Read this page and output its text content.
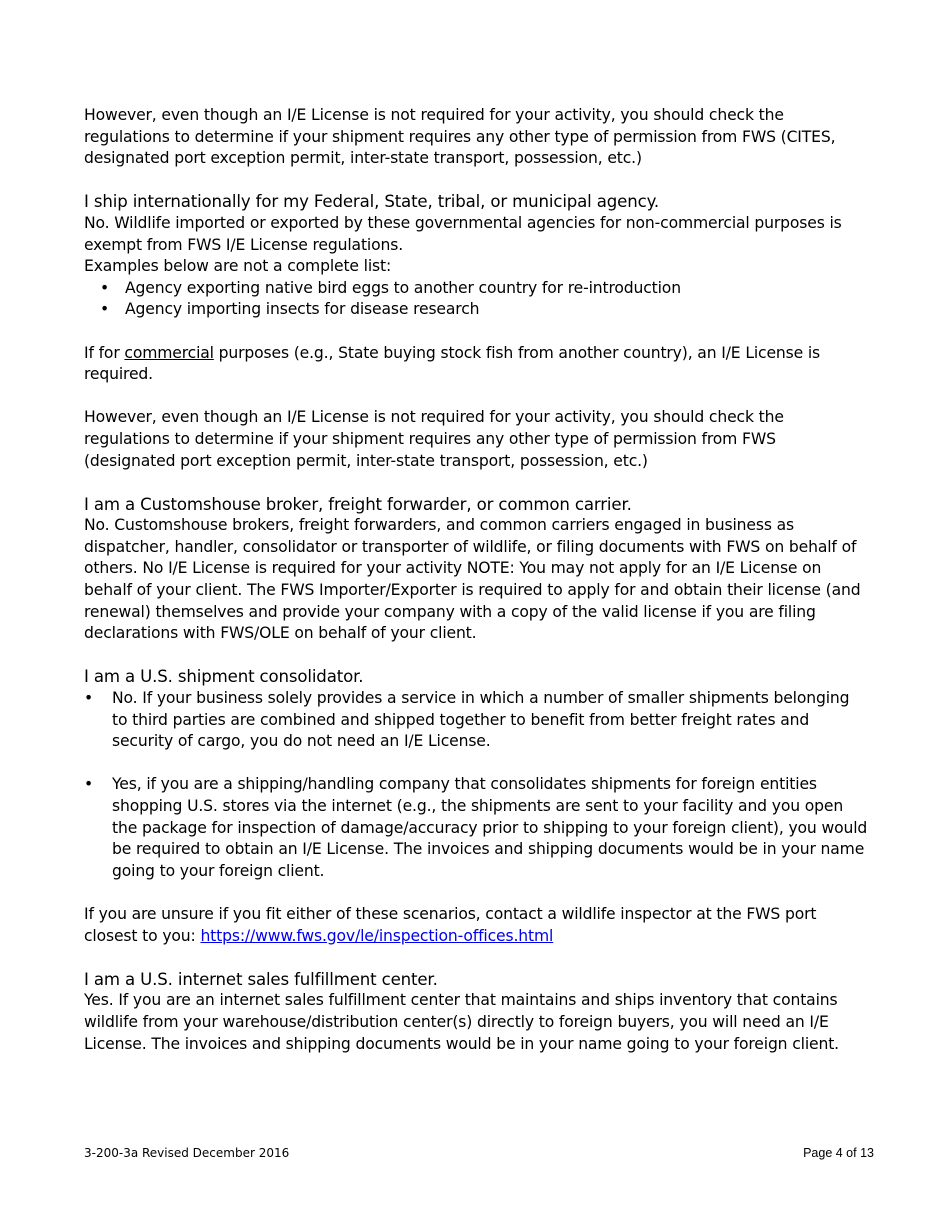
However, even though an I/E License is not required for your activity, you should check the regulations to determine if your shipment requires any other type of permission from FWS (CITES, designated port exception permit, inter-state transport, possession, etc.)

I ship internationally for my Federal, State, tribal, or municipal agency.

No. Wildlife imported or exported by these governmental agencies for non-commercial purposes is exempt from FWS I/E License regulations.

Examples below are not a complete list:

• Agency exporting native bird eggs to another country for re-introduction
• Agency importing insects for disease research

If for commercial purposes (e.g., State buying stock fish from another country), an I/E License is required.

However, even though an I/E License is not required for your activity, you should check the regulations to determine if your shipment requires any other type of permission from FWS (designated port exception permit, inter-state transport, possession, etc.)

I am a Customshouse broker, freight forwarder, or common carrier.

No. Customshouse brokers, freight forwarders, and common carriers engaged in business as dispatcher, handler, consolidator or transporter of wildlife, or filing documents with FWS on behalf of others. No I/E License is required for your activity NOTE: You may not apply for an I/E License on behalf of your client. The FWS Importer/Exporter is required to apply for and obtain their license (and renewal) themselves and provide your company with a copy of the valid license if you are filing declarations with FWS/OLE on behalf of your client.

I am a U.S. shipment consolidator.

• No. If your business solely provides a service in which a number of smaller shipments belonging to third parties are combined and shipped together to benefit from better freight rates and security of cargo, you do not need an I/E License.
• Yes, if you are a shipping/handling company that consolidates shipments for foreign entities shopping U.S. stores via the internet (e.g., the shipments are sent to your facility and you open the package for inspection of damage/accuracy prior to shipping to your foreign client), you would be required to obtain an I/E License. The invoices and shipping documents would be in your name going to your foreign client.

If you are unsure if you fit either of these scenarios, contact a wildlife inspector at the FWS port closest to you: https://www.fws.gov/le/inspection-offices.html

I am a U.S. internet sales fulfillment center.

Yes. If you are an internet sales fulfillment center that maintains and ships inventory that contains wildlife from your warehouse/distribution center(s) directly to foreign buyers, you will need an I/E License. The invoices and shipping documents would be in your name going to your foreign client.

3-200-3a Revised December 2016	Page 4 of 13
